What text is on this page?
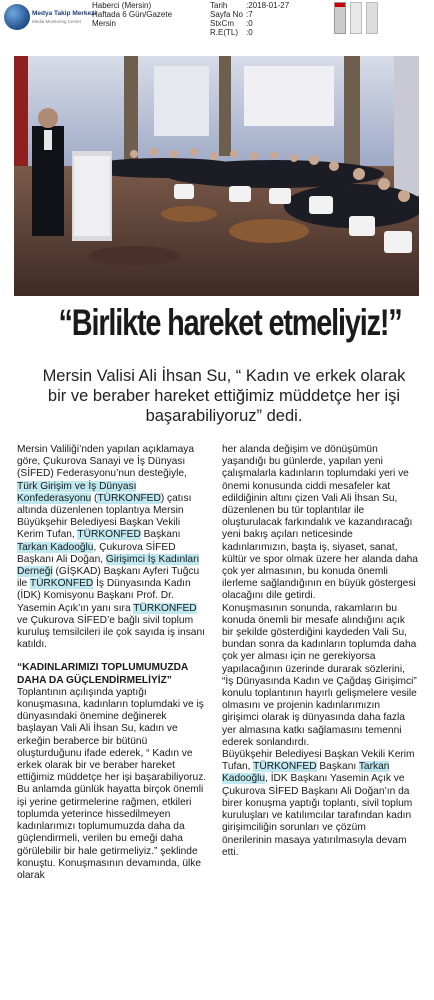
Medya Takip Merkezi
Media Monitoring Center
Haberci (Mersin)
Haftada 6 Gün/Gazete
Mersin
Tarih	:2018-01-27
Sayfa No :7
StxCm	:0
R.E(TL)	:0
“Birlikte hareket etmeliyiz!”
Mersin Valisi Ali İhsan Su, “ Kadın ve erkek olarak bir ve beraber hareket ettiğimiz müddetçe her işi başarabiliyoruz” dedi.

Mersin Valiliği’nden yapılan açıklamaya göre, Çukurova Sanayi ve İş Dünyası (SİFED) Federasyonu’nun desteğiyle, Türk Girişim ve İş Dünyası Konfederasyonu (TÜRKONFED) çatısı altında düzenlenen toplantıya Mersin Büyükşehir Belediyesi Başkan Vekili Kerim Tufan, TÜRKONFED Başkanı Tarkan Kadooğlu, Çukurova SİFED Başkanı Ali Doğan, Girişimci İş Kadınları Derneği (GİŞKAD) Başkanı Ayferi Tuğcu ile TÜRKONFED İş Dünyasında Kadın (İDK) Komisyonu Başkanı Prof. Dr. Yasemin Açık’ın yanı sıra TÜRKONFED ve Çukurova SİFED’e bağlı sivil toplum kuruluş temsilcileri ile çok sayıda iş insanı katıldı.

“KADINLARIMIZI TOPLUMUMUZDA DAHA DA GÜÇLENDİRMELİYİZ”

Toplantının açılışında yaptığı konuşmasına, kadınların toplumdaki ve iş dünyasındaki önemine değinerek başlayan Vali Ali İhsan Su, kadın ve erkeğin beraberce bir bütünü oluşturduğunu ifade ederek, “ Kadın ve erkek olarak bir ve beraber hareket ettiğimiz müddetçe her işi başarabiliyoruz. Bu anlamda günlük hayatta birçok önemli işi yerine getirmelerine rağmen, etkileri toplumda yeterince hissedilmeyen kadınlarımızı toplumumuzda daha da güçlendirmeli, verilen bu emeği daha görülebilir bir hale getirmeliyiz.” şeklinde konuştu. Konuşmasının devamında, ülke olarak

her alanda değişim ve dönüşümün yaşandığı bu günlerde, yapılan yeni çalışmalarla kadınların toplumdaki yeri ve önemi konusunda ciddi mesafeler kat edildiğinin altını çizen Vali Ali İhsan Su, düzenlenen bu tür toplantılar ile oluşturulacak farkındalık ve kazandıracağı yeni bakış açıları neticesinde kadınlarımızın, başta iş, siyaset, sanat, kültür ve spor olmak üzere her alanda daha çok yer almasının, bu konuda önemli ilerleme sağlandığının en büyük göstergesi olacağını dile getirdi.

Konuşmasının sonunda, rakamların bu konuda önemli bir mesafe alındığını açık bir şekilde gösterdiğini kaydeden Vali Su, bundan sonra da kadınların toplumda daha çok yer alması için ne gerekiyorsa yapılacağının üzerinde durarak sözlerini, “İş Dünyasında Kadın ve Çağdaş Girişimci” konulu toplantının hayırlı gelişmelere vesile olmasını ve projenin kadınlarımızın girişimci olarak iş dünyasında daha fazla yer almasına katkı sağlamasını temenni ederek sonlandırdı.

Büyükşehir Belediyesi Başkan Vekili Kerim Tufan, TÜRKONFED Başkanı Tarkan Kadooğlu, İDK Başkanı Yasemin Açık ve Çukurova SİFED Başkanı Ali Doğan’ın da birer konuşma yaptığı toplantı, sivil toplum kuruluşları ve katılımcılar tarafından kadın girişimciliğin sorunları ve çözüm önerilerinin masaya yatırılmasıyla devam etti.
